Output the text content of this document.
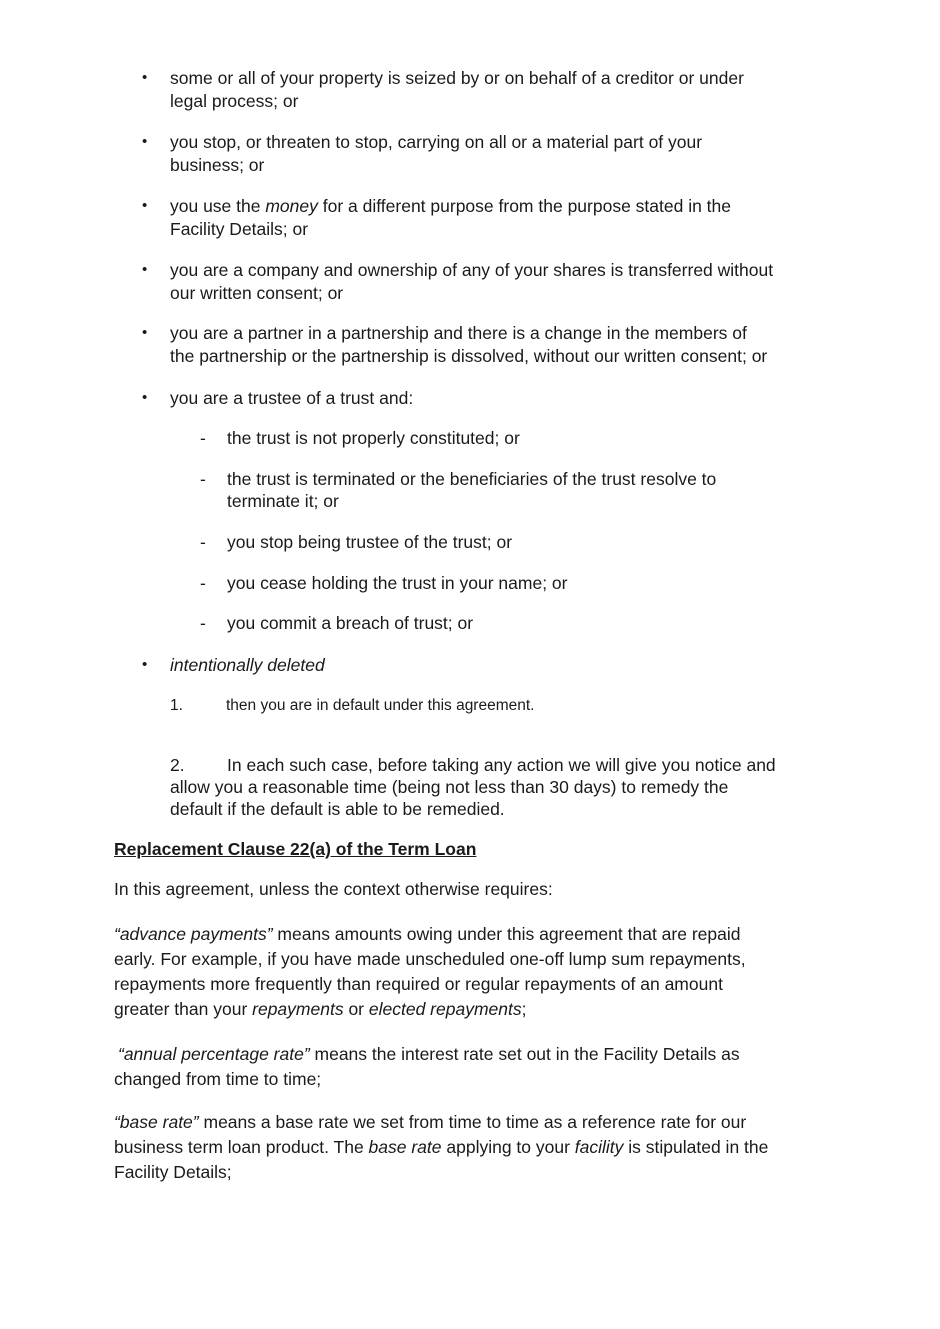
• some or all of your property is seized by or on behalf of a creditor or under
legal process; or
• you stop, or threaten to stop, carrying on all or a material part of your
business; or
• you use the money for a different purpose from the purpose stated in the
Facility Details; or
• you are a company and ownership of any of your shares is transferred without
our written consent; or
• you are a partner in a partnership and there is a change in the members of
the partnership or the partnership is dissolved, without our written consent; or
• you are a trustee of a trust and:
- the trust is not properly constituted; or
- the trust is terminated or the beneficiaries of the trust resolve to
terminate it; or
- you stop being trustee of the trust; or
- you cease holding the trust in your name; or
- you commit a breach of trust; or
• intentionally deleted
1.	then you are in default under this agreement.
2. In each such case, before taking any action we will give you notice and
allow you a reasonable time (being not less than 30 days) to remedy the
default if the default is able to be remedied.
Replacement Clause 22(a) of the Term Loan
In this agreement, unless the context otherwise requires:
“advance payments” means amounts owing under this agreement that are repaid
early. For example, if you have made unscheduled one-off lump sum repayments,
repayments more frequently than required or regular repayments of an amount
greater than your repayments or elected repayments;
“annual percentage rate” means the interest rate set out in the Facility Details as
changed from time to time;
“base rate” means a base rate we set from time to time as a reference rate for our
business term loan product. The base rate applying to your facility is stipulated in the
Facility Details;
